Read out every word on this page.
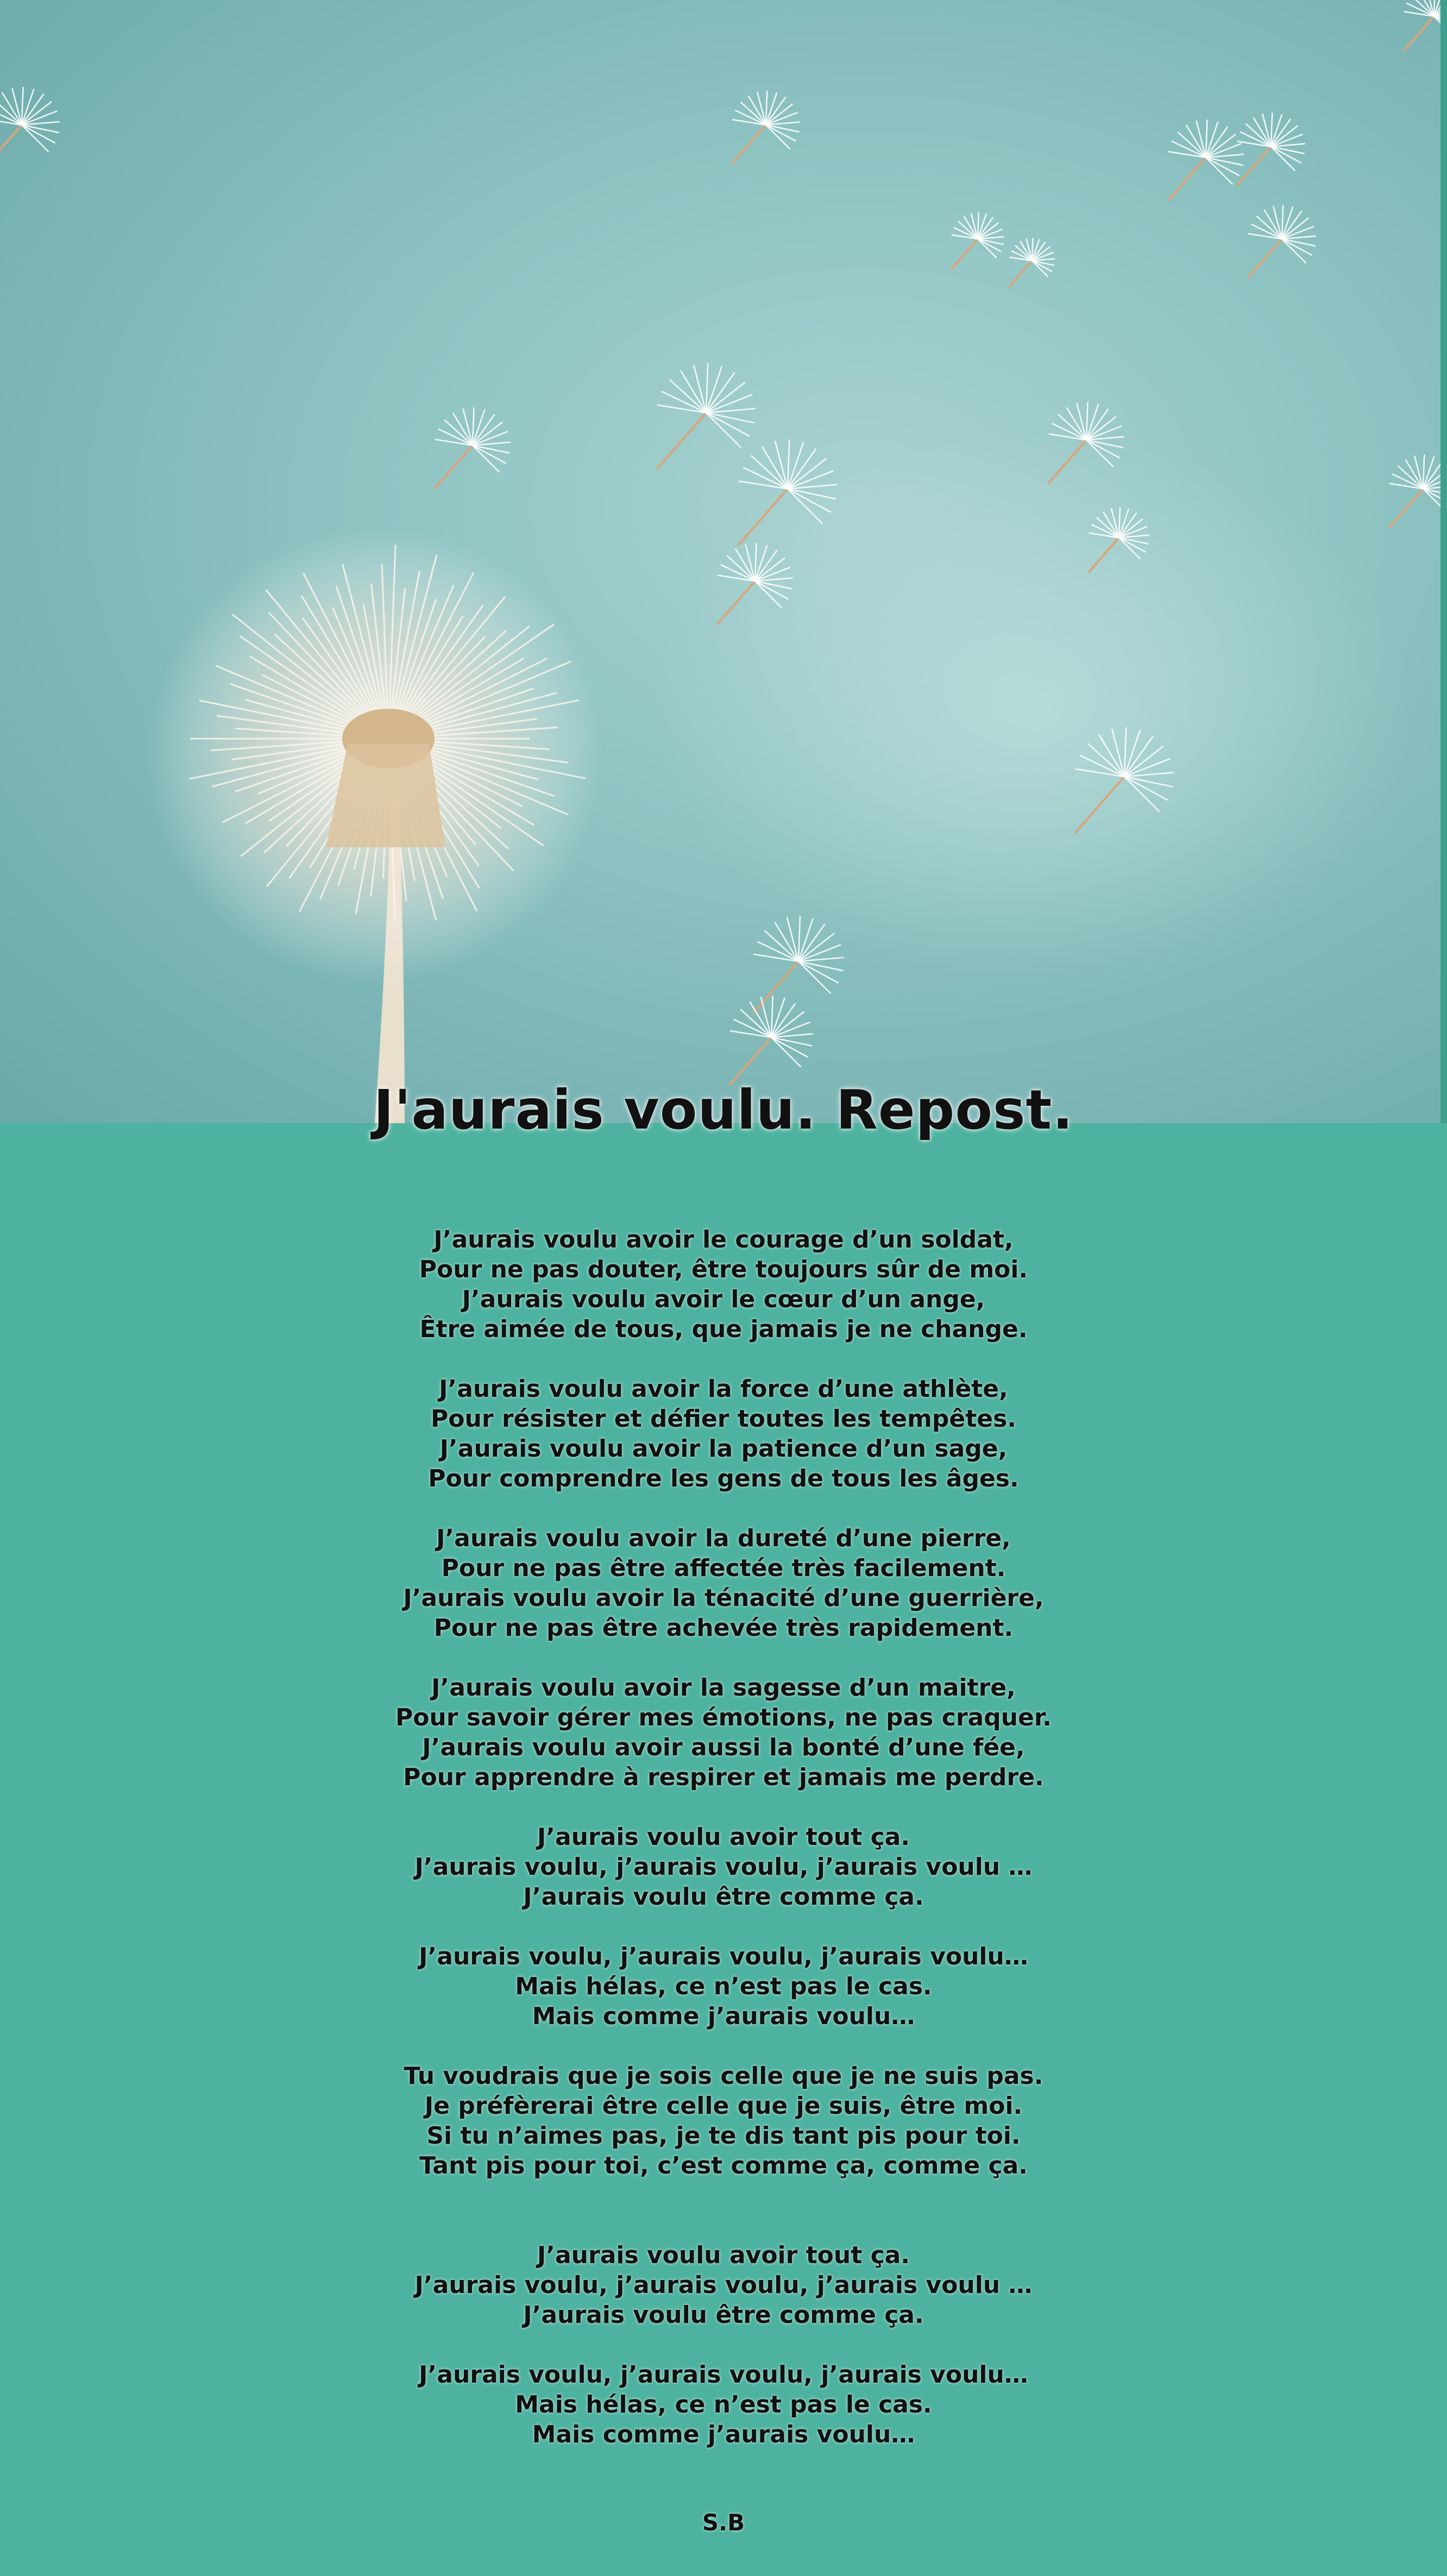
J'aurais voulu. Repost.
J’aurais voulu avoir le courage d’un soldat,
Pour ne pas douter, être toujours sûr de moi.
J’aurais voulu avoir le cœur d’un ange,
Être aimée de tous, que jamais je ne change.
J’aurais voulu avoir la force d’une athlète,
Pour résister et défier toutes les tempêtes.
J’aurais voulu avoir la patience d’un sage,
Pour comprendre les gens de tous les âges.
J’aurais voulu avoir la dureté d’une pierre,
Pour ne pas être affectée très facilement.
J’aurais voulu avoir la ténacité d’une guerrière,
Pour ne pas être achevée très rapidement.
J’aurais voulu avoir la sagesse d’un maitre,
Pour savoir gérer mes émotions, ne pas craquer.
J’aurais voulu avoir aussi la bonté d’une fée,
Pour apprendre à respirer et jamais me perdre.
J’aurais voulu avoir tout ça.
J’aurais voulu, j’aurais voulu, j’aurais voulu …
J’aurais voulu être comme ça.
J’aurais voulu, j’aurais voulu, j’aurais voulu…
Mais hélas, ce n’est pas le cas.
Mais comme j’aurais voulu…
Tu voudrais que je sois celle que je ne suis pas.
Je préfèrerai être celle que je suis, être moi.
Si tu n’aimes pas, je te dis tant pis pour toi.
Tant pis pour toi, c’est comme ça, comme ça.
J’aurais voulu avoir tout ça.
J’aurais voulu, j’aurais voulu, j’aurais voulu …
J’aurais voulu être comme ça.
J’aurais voulu, j’aurais voulu, j’aurais voulu…
Mais hélas, ce n’est pas le cas.
Mais comme j’aurais voulu…
S.B
